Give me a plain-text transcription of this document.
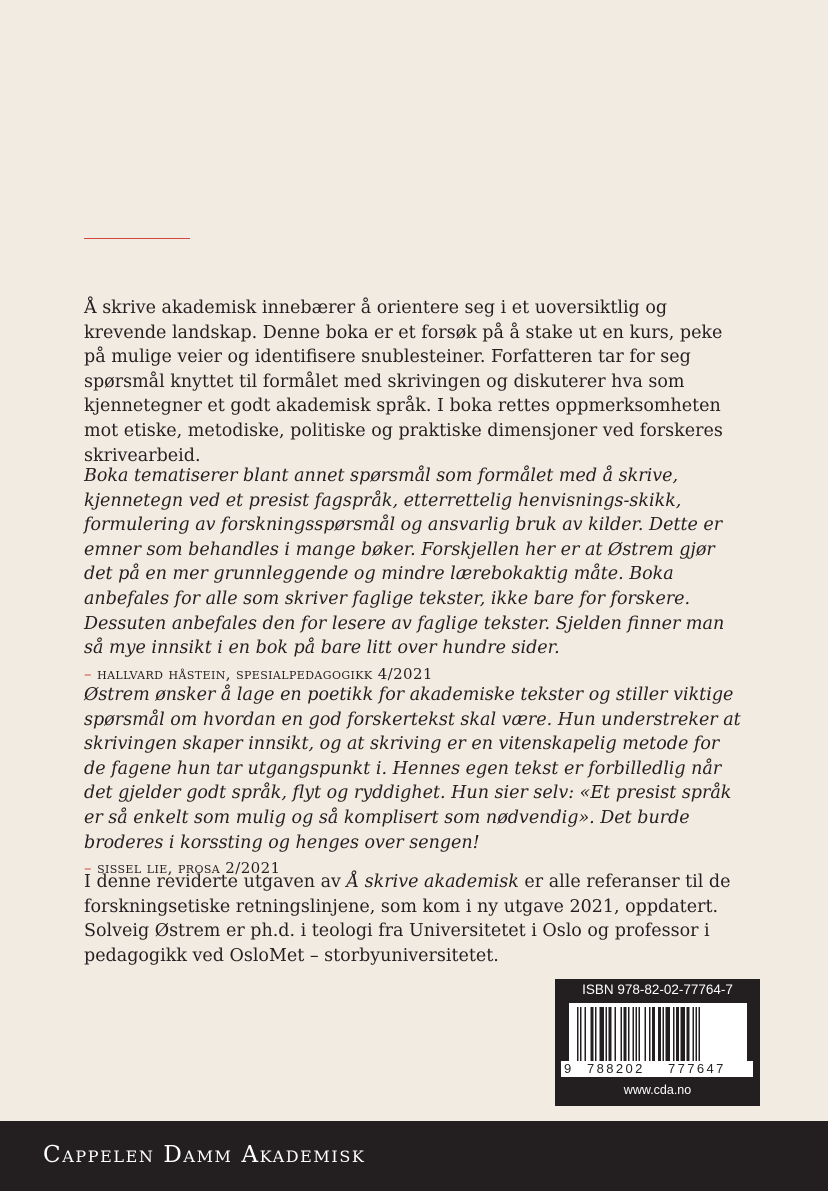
Å skrive akademisk innebærer å orientere seg i et uoversiktlig og krevende landskap. Denne boka er et forsøk på å stake ut en kurs, peke på mulige veier og identifisere snublesteiner. Forfatteren tar for seg spørsmål knyttet til formålet med skrivingen og diskuterer hva som kjennetegner et godt akademisk språk. I boka rettes oppmerksomheten mot etiske, metodiske, politiske og praktiske dimensjoner ved forskeres skrivearbeid.

Boka tematiserer blant annet spørsmål som formålet med å skrive, kjennetegn ved et presist fagspråk, etterrettelig henvisnings-skikk, formulering av forskningsspørsmål og ansvarlig bruk av kilder. Dette er emner som behandles i mange bøker. Forskjellen her er at Østrem gjør det på en mer grunnleggende og mindre lærebokaktig måte. Boka anbefales for alle som skriver faglige tekster, ikke bare for forskere. Dessuten anbefales den for lesere av faglige tekster. Sjelden finner man så mye innsikt i en bok på bare litt over hundre sider.

– hallvard håstein, spesialpedagogikk 4/2021

Østrem ønsker å lage en poetikk for akademiske tekster og stiller viktige spørsmål om hvordan en god forskertekst skal være. Hun understreker at skrivingen skaper innsikt, og at skriving er en vitenskapelig metode for de fagene hun tar utgangspunkt i. Hennes egen tekst er forbilledlig når det gjelder godt språk, flyt og ryddighet. Hun sier selv: «Et presist språk er så enkelt som mulig og så komplisert som nødvendig». Det burde broderes i korssting og henges over sengen!

– sissel lie, prosa 2/2021

I denne reviderte utgaven av Å skrive akademisk er alle referanser til de forskningsetiske retningslinjene, som kom i ny utgave 2021, oppdatert. Solveig Østrem er ph.d. i teologi fra Universitetet i Oslo og professor i pedagogikk ved OsloMet – storbyuniversitetet.

ISBN 978-82-02-77764-7
9 788202 777647
www.cda.no
Cappelen Damm Akademisk
